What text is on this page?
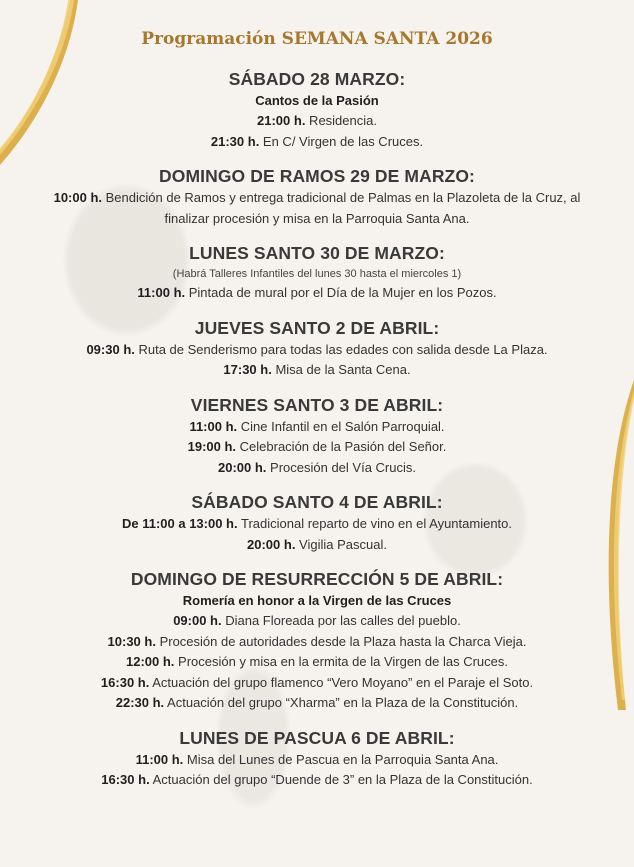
Programación SEMANA SANTA 2026
SÁBADO 28 MARZO:
Cantos de la Pasión
21:00 h. Residencia.
21:30 h. En C/ Virgen de las Cruces.
DOMINGO DE RAMOS 29 DE MARZO:
10:00 h. Bendición de Ramos y entrega tradicional de Palmas en la Plazoleta de la Cruz, al finalizar procesión y misa en la Parroquia Santa Ana.
LUNES SANTO 30 DE MARZO:
(Habrá Talleres Infantiles del lunes 30 hasta el miercoles 1)
11:00 h. Pintada de mural por el Día de la Mujer en los Pozos.
JUEVES SANTO 2 DE ABRIL:
09:30 h. Ruta de Senderismo para todas las edades con salida desde La Plaza.
17:30 h. Misa de la Santa Cena.
VIERNES SANTO 3 DE ABRIL:
11:00 h. Cine Infantil en el Salón Parroquial.
19:00 h. Celebración de la Pasión del Señor.
20:00 h. Procesión del Vía Crucis.
SÁBADO SANTO 4 DE ABRIL:
De 11:00 a 13:00 h. Tradicional reparto de vino en el Ayuntamiento.
20:00 h. Vigilia Pascual.
DOMINGO DE RESURRECCIÓN 5 DE ABRIL:
Romería en honor a la Virgen de las Cruces
09:00 h. Diana Floreada por las calles del pueblo.
10:30 h. Procesión de autoridades desde la Plaza hasta la Charca Vieja.
12:00 h. Procesión y misa en la ermita de la Virgen de las Cruces.
16:30 h. Actuación del grupo flamenco “Vero Moyano” en el Paraje el Soto.
22:30 h. Actuación del grupo “Xharma” en la Plaza de la Constitución.
LUNES DE PASCUA 6 DE ABRIL:
11:00 h. Misa del Lunes de Pascua en la Parroquia Santa Ana.
16:30 h. Actuación del grupo “Duende de 3” en la Plaza de la Constitución.
